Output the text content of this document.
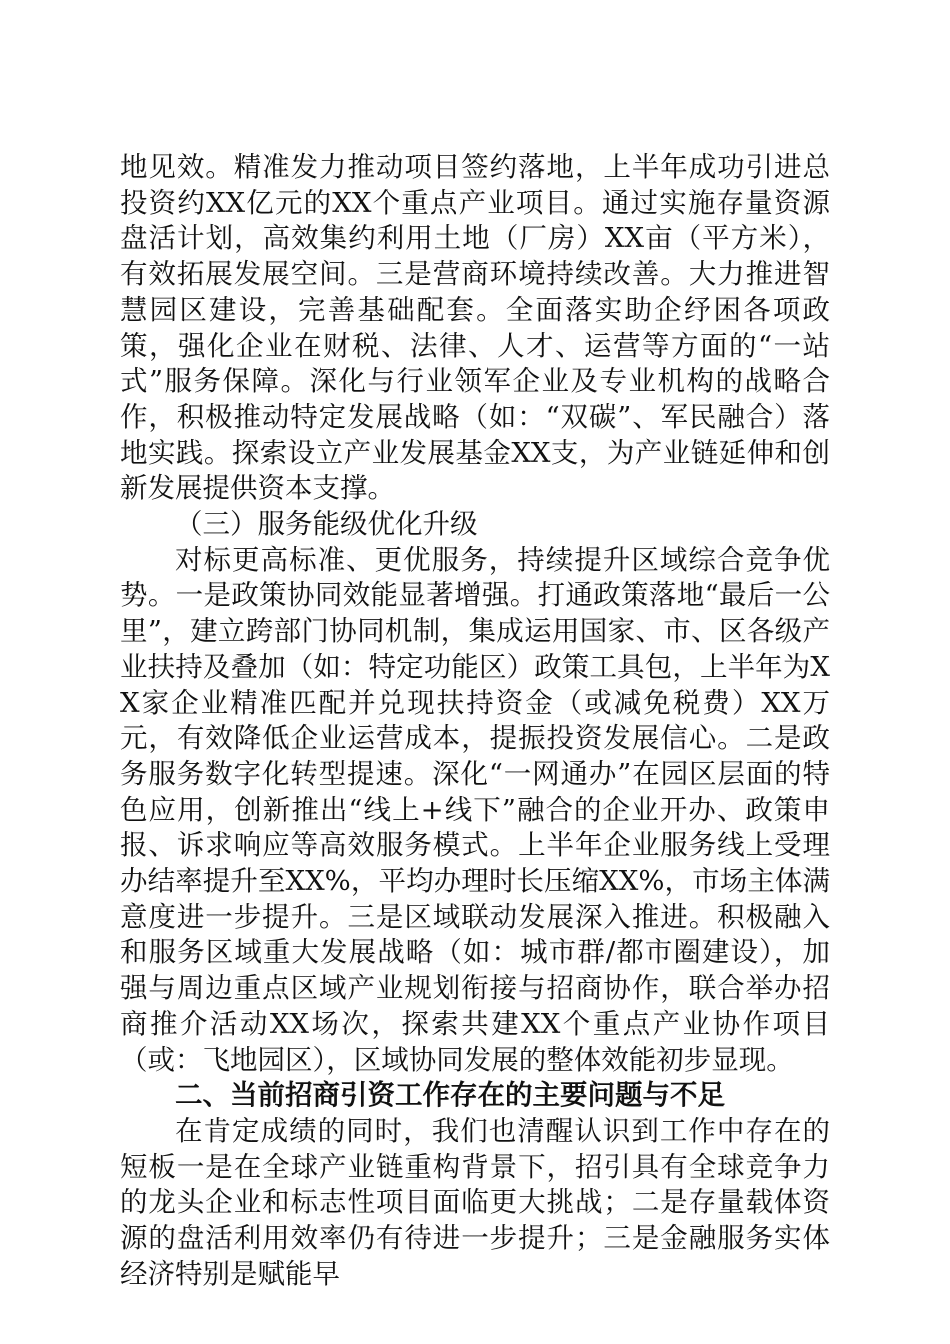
地见效。精准发力推动项目签约落地，上半年成功引进总投资约XX亿元的XX个重点产业项目。通过实施存量资源盘活计划，高效集约利用土地（厂房）XX亩（平方米），有效拓展发展空间。三是营商环境持续改善。大力推进智慧园区建设，完善基础配套。全面落实助企纾困各项政策，强化企业在财税、法律、人才、运营等方面的“一站式”服务保障。深化与行业领军企业及专业机构的战略合作，积极推动特定发展战略（如：“双碳”、军民融合）落地实践。探索设立产业发展基金XX支，为产业链延伸和创新发展提供资本支撑。

（三）服务能级优化升级

对标更高标准、更优服务，持续提升区域综合竞争优势。一是政策协同效能显著增强。打通政策落地“最后一公里”，建立跨部门协同机制，集成运用国家、市、区各级产业扶持及叠加（如：特定功能区）政策工具包，上半年为XX家企业精准匹配并兑现扶持资金（或减免税费）XX万元，有效降低企业运营成本，提振投资发展信心。二是政务服务数字化转型提速。深化“一网通办”在园区层面的特色应用，创新推出“线上+线下”融合的企业开办、政策申报、诉求响应等高效服务模式。上半年企业服务线上受理办结率提升至XX%，平均办理时长压缩XX%，市场主体满意度进一步提升。三是区域联动发展深入推进。积极融入和服务区域重大发展战略（如：城市群/都市圈建设），加强与周边重点区域产业规划衔接与招商协作，联合举办招商推介活动XX场次，探索共建XX个重点产业协作项目（或：飞地园区），区域协同发展的整体效能初步显现。

二、当前招商引资工作存在的主要问题与不足

在肯定成绩的同时，我们也清醒认识到工作中存在的短板一是在全球产业链重构背景下，招引具有全球竞争力的龙头企业和标志性项目面临更大挑战；二是存量载体资源的盘活利用效率仍有待进一步提升；三是金融服务实体经济特别是赋能早
